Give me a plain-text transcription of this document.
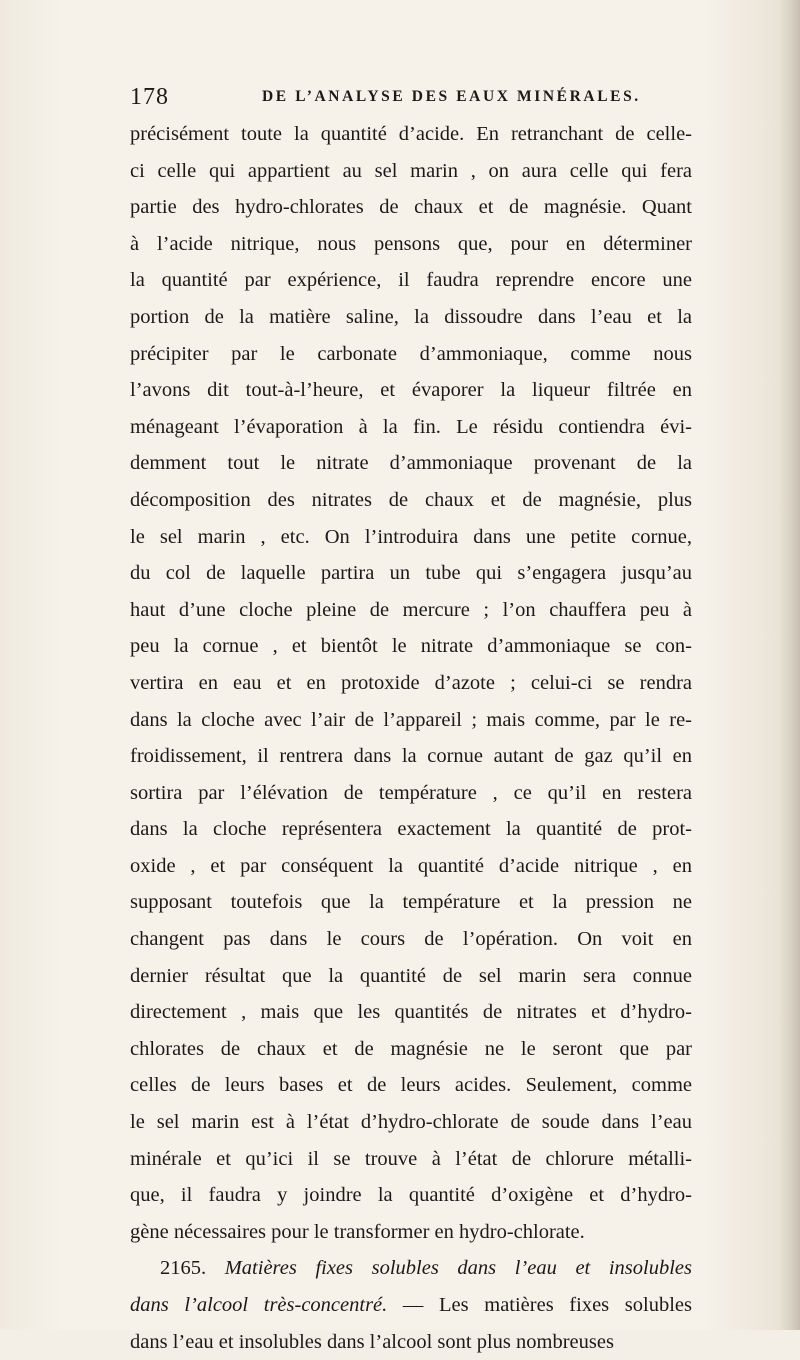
178	DE L’ANALYSE DES EAUX MINÉRALES.
précisément toute la quantité d’acide. En retranchant de celle-
ci celle qui appartient au sel marin , on aura celle qui fera
partie des hydro-chlorates de chaux et de magnésie. Quant
à l’acide nitrique, nous pensons que, pour en déterminer
la quantité par expérience, il faudra reprendre encore une
portion de la matière saline, la dissoudre dans l’eau et la
précipiter par le carbonate d’ammoniaque, comme nous
l’avons dit tout-à-l’heure, et évaporer la liqueur filtrée en
ménageant l’évaporation à la fin. Le résidu contiendra évi-
demment tout le nitrate d’ammoniaque provenant de la
décomposition des nitrates de chaux et de magnésie, plus
le sel marin , etc. On l’introduira dans une petite cornue,
du col de laquelle partira un tube qui s’engagera jusqu’au
haut d’une cloche pleine de mercure ; l’on chauffera peu à
peu la cornue , et bientôt le nitrate d’ammoniaque se con-
vertira en eau et en protoxide d’azote ; celui-ci se rendra
dans la cloche avec l’air de l’appareil ; mais comme, par le re-
froidissement, il rentrera dans la cornue autant de gaz qu’il en
sortira par l’élévation de température , ce qu’il en restera
dans la cloche représentera exactement la quantité de prot-
oxide , et par conséquent la quantité d’acide nitrique , en
supposant toutefois que la température et la pression ne
changent pas dans le cours de l’opération. On voit en
dernier résultat que la quantité de sel marin sera connue
directement , mais que les quantités de nitrates et d’hydro-
chlorates de chaux et de magnésie ne le seront que par
celles de leurs bases et de leurs acides. Seulement, comme
le sel marin est à l’état d’hydro-chlorate de soude dans l’eau
minérale et qu’ici il se trouve à l’état de chlorure métalli-
que, il faudra y joindre la quantité d’oxigène et d’hydro-
gène nécessaires pour le transformer en hydro-chlorate.
2165. Matières fixes solubles dans l’eau et insolubles
dans l’alcool très-concentré. — Les matières fixes solubles
dans l’eau et insolubles dans l’alcool sont plus nombreuses
